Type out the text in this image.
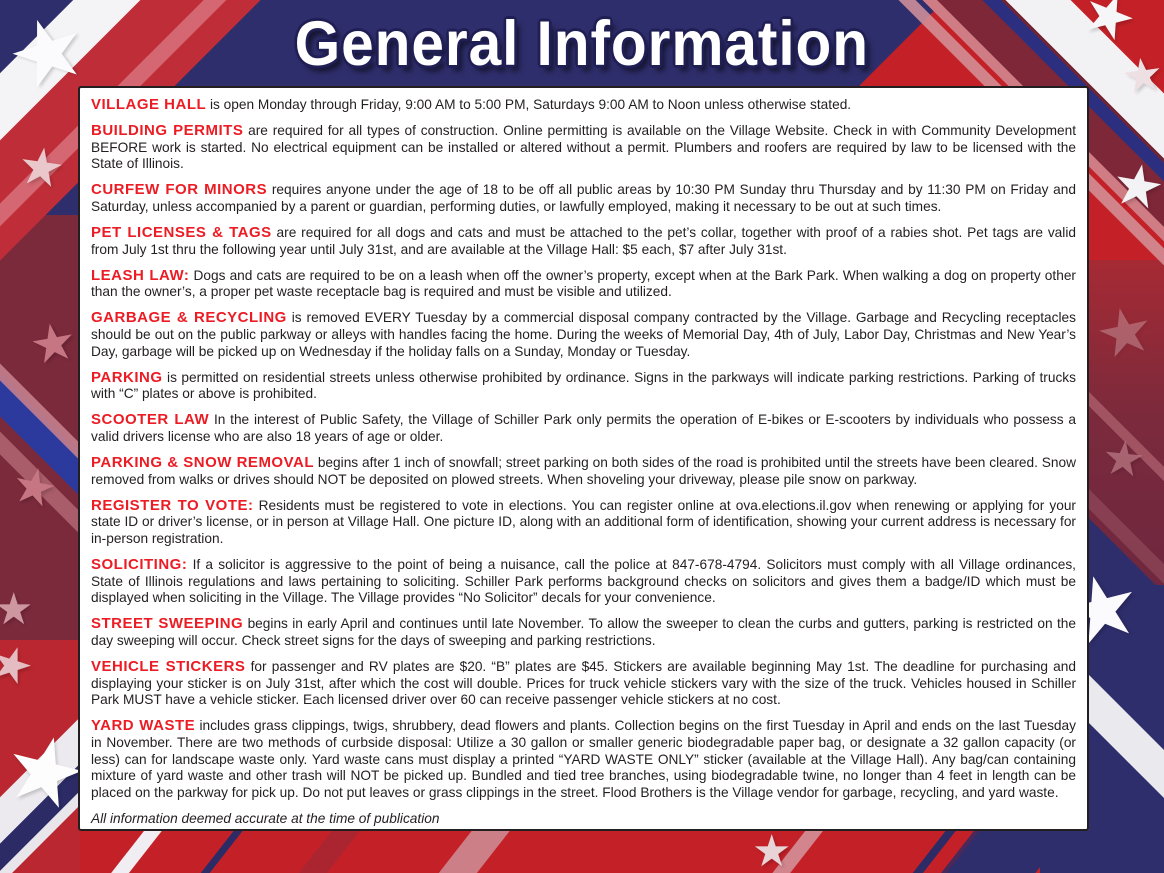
★
★
★
★
★
★
★
★
★
★
★
★
★
★
General Information

VILLAGE HALL is open Monday through Friday, 9:00 AM to 5:00 PM, Saturdays 9:00 AM to Noon unless otherwise stated.

BUILDING PERMITS are required for all types of construction. Online permitting is available on the Village Website. Check in with Community Development BEFORE work is started. No electrical equipment can be installed or altered without a permit. Plumbers and roofers are required by law to be licensed with the State of Illinois.

CURFEW FOR MINORS requires anyone under the age of 18 to be off all public areas by 10:30 PM Sunday thru Thursday and by 11:30 PM on Friday and Saturday, unless accompanied by a parent or guardian, performing duties, or lawfully employed, making it necessary to be out at such times.

PET LICENSES & TAGS are required for all dogs and cats and must be attached to the pet’s collar, together with proof of a rabies shot. Pet tags are valid from July 1st thru the following year until July 31st, and are available at the Village Hall: $5 each, $7 after July 31st.

LEASH LAW: Dogs and cats are required to be on a leash when off the owner’s property, except when at the Bark Park. When walking a dog on property other than the owner’s, a proper pet waste receptacle bag is required and must be visible and utilized.

GARBAGE & RECYCLING is removed EVERY Tuesday by a commercial disposal company contracted by the Village. Garbage and Recycling receptacles should be out on the public parkway or alleys with handles facing the home. During the weeks of Memorial Day, 4th of July, Labor Day, Christmas and New Year’s Day, garbage will be picked up on Wednesday if the holiday falls on a Sunday, Monday or Tuesday.

PARKING is permitted on residential streets unless otherwise prohibited by ordinance. Signs in the parkways will indicate parking restrictions. Parking of trucks with “C” plates or above is prohibited.

SCOOTER LAW In the interest of Public Safety, the Village of Schiller Park only permits the operation of E-bikes or E-scooters by individuals who possess a valid drivers license who are also 18 years of age or older.

PARKING & SNOW REMOVAL begins after 1 inch of snowfall; street parking on both sides of the road is prohibited until the streets have been cleared. Snow removed from walks or drives should NOT be deposited on plowed streets. When shoveling your driveway, please pile snow on parkway.

REGISTER TO VOTE: Residents must be registered to vote in elections. You can register online at ova.elections.il.gov when renewing or applying for your state ID or driver’s license, or in person at Village Hall. One picture ID, along with an additional form of identification, showing your current address is necessary for in-person registration.

SOLICITING: If a solicitor is aggressive to the point of being a nuisance, call the police at 847-678-4794. Solicitors must comply with all Village ordinances, State of Illinois regulations and laws pertaining to soliciting. Schiller Park performs background checks on solicitors and gives them a badge/ID which must be displayed when soliciting in the Village. The Village provides “No Solicitor” decals for your convenience.

STREET SWEEPING begins in early April and continues until late November. To allow the sweeper to clean the curbs and gutters, parking is restricted on the day sweeping will occur. Check street signs for the days of sweeping and parking restrictions.

VEHICLE STICKERS for passenger and RV plates are $20. “B” plates are $45. Stickers are available beginning May 1st. The deadline for purchasing and displaying your sticker is on July 31st, after which the cost will double. Prices for truck vehicle stickers vary with the size of the truck. Vehicles housed in Schiller Park MUST have a vehicle sticker. Each licensed driver over 60 can receive passenger vehicle stickers at no cost.

YARD WASTE includes grass clippings, twigs, shrubbery, dead flowers and plants. Collection begins on the first Tuesday in April and ends on the last Tuesday in November. There are two methods of curbside disposal: Utilize a 30 gallon or smaller generic biodegradable paper bag, or designate a 32 gallon capacity (or less) can for landscape waste only. Yard waste cans must display a printed “YARD WASTE ONLY” sticker (available at the Village Hall). Any bag/can containing mixture of yard waste and other trash will NOT be picked up. Bundled and tied tree branches, using biodegradable twine, no longer than 4 feet in length can be placed on the parkway for pick up. Do not put leaves or grass clippings in the street. Flood Brothers is the Village vendor for garbage, recycling, and yard waste.

All information deemed accurate at the time of publication
